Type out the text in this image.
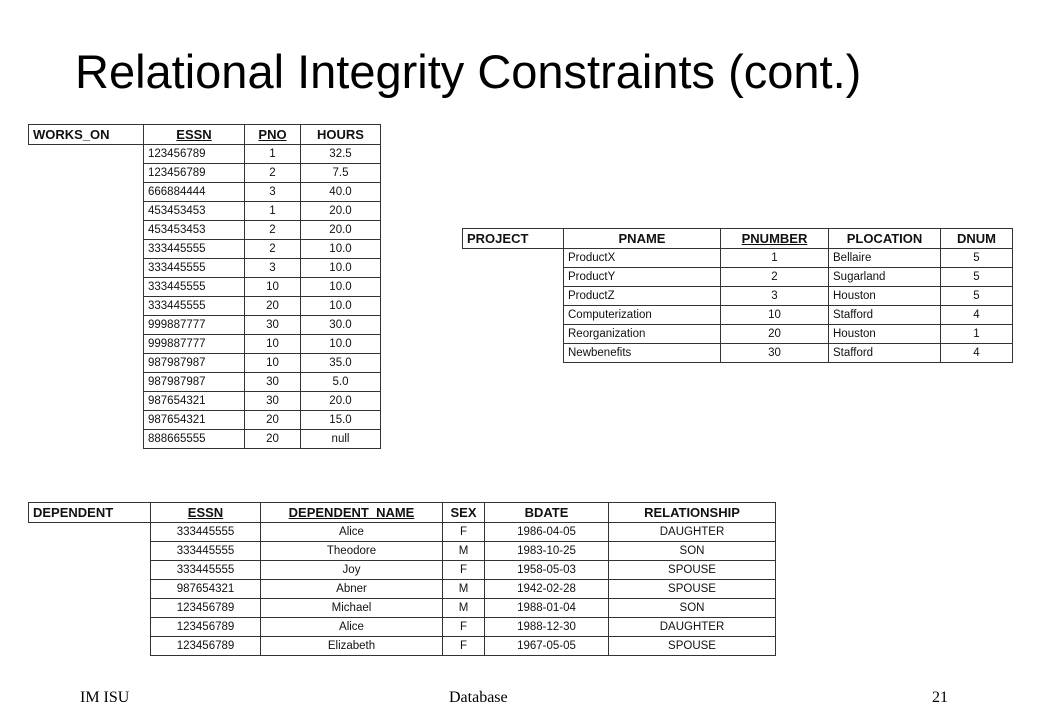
Relational Integrity Constraints (cont.)
WORKS_ON	ESSN	PNO	HOURS
	123456789	1	32.5
	123456789	2	7.5
	666884444	3	40.0
	453453453	1	20.0
	453453453	2	20.0
	333445555	2	10.0
	333445555	3	10.0
	333445555	10	10.0
	333445555	20	10.0
	999887777	30	30.0
	999887777	10	10.0
	987987987	10	35.0
	987987987	30	5.0
	987654321	30	20.0
	987654321	20	15.0
	888665555	20	null
PROJECT	PNAME	PNUMBER	PLOCATION	DNUM
	ProductX	1	Bellaire	5
	ProductY	2	Sugarland	5
	ProductZ	3	Houston	5
	Computerization	10	Stafford	4
	Reorganization	20	Houston	1
	Newbenefits	30	Stafford	4
DEPENDENT	ESSN	DEPENDENT_NAME	SEX	BDATE	RELATIONSHIP
	333445555	Alice	F	1986-04-05	DAUGHTER
	333445555	Theodore	M	1983-10-25	SON
	333445555	Joy	F	1958-05-03	SPOUSE
	987654321	Abner	M	1942-02-28	SPOUSE
	123456789	Michael	M	1988-01-04	SON
	123456789	Alice	F	1988-12-30	DAUGHTER
	123456789	Elizabeth	F	1967-05-05	SPOUSE
IM ISU	Database	21
